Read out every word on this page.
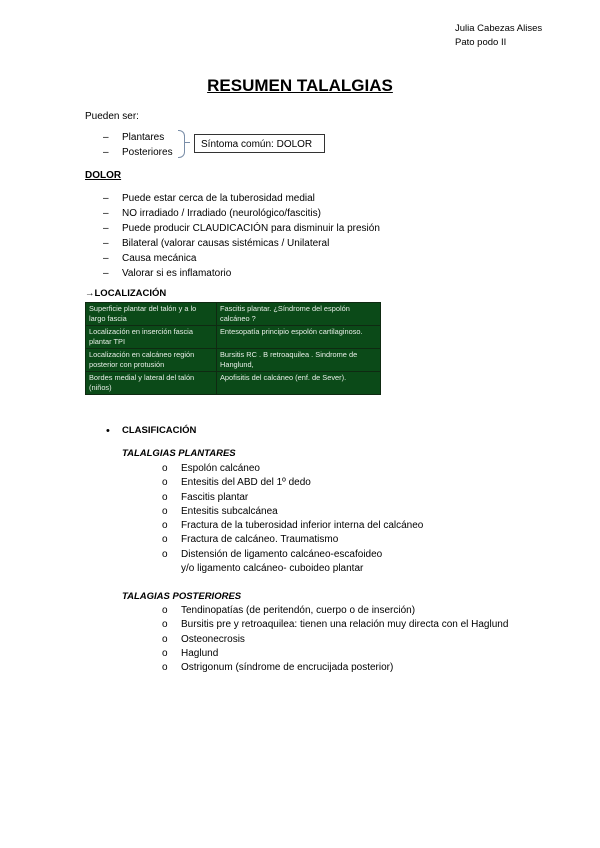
Julia Cabezas Alises
Pato podo II
RESUMEN TALALGIAS
Pueden ser:
– Plantares
– Posteriores
Síntoma común: DOLOR
DOLOR
– Puede estar cerca de la tuberosidad medial
– NO irradiado / Irradiado (neurológico/fascitis)
– Puede producir CLAUDICACIÓN para disminuir la presión
– Bilateral (valorar causas sistémicas / Unilateral
– Causa mecánica
– Valorar si es inflamatorio
→LOCALIZACIÓN
Superficie plantar del talón y a lo largo fascia	Fascitis plantar. ¿Síndrome del espolón calcáneo ?
Localización en inserción fascia plantar TPI	Entesopatía principio espolón cartilaginoso.
Localización en calcáneo región posterior con protusión	Bursitis RC . B retroaquilea . Sindrome de Hanglund,
Bordes medial y lateral del talón (niños)	Apofisitis del calcáneo (enf. de Sever).
• CLASIFICACIÓN
TALALGIAS PLANTARES
o Espolón calcáneo
o Entesitis del ABD del 1º dedo
o Fascitis plantar
o Entesitis subcalcánea
o Fractura de la tuberosidad inferior interna del calcáneo
o Fractura de calcáneo. Traumatismo
o Distensión de ligamento calcáneo-escafoideo
y/o ligamento calcáneo- cuboideo plantar
TALAGIAS POSTERIORES
o Tendinopatías (de peritendón, cuerpo o de inserción)
o Bursitis pre y retroaquilea: tienen una relación muy directa con el Haglund
o Osteonecrosis
o Haglund
o Ostrigonum (síndrome de encrucijada posterior)
